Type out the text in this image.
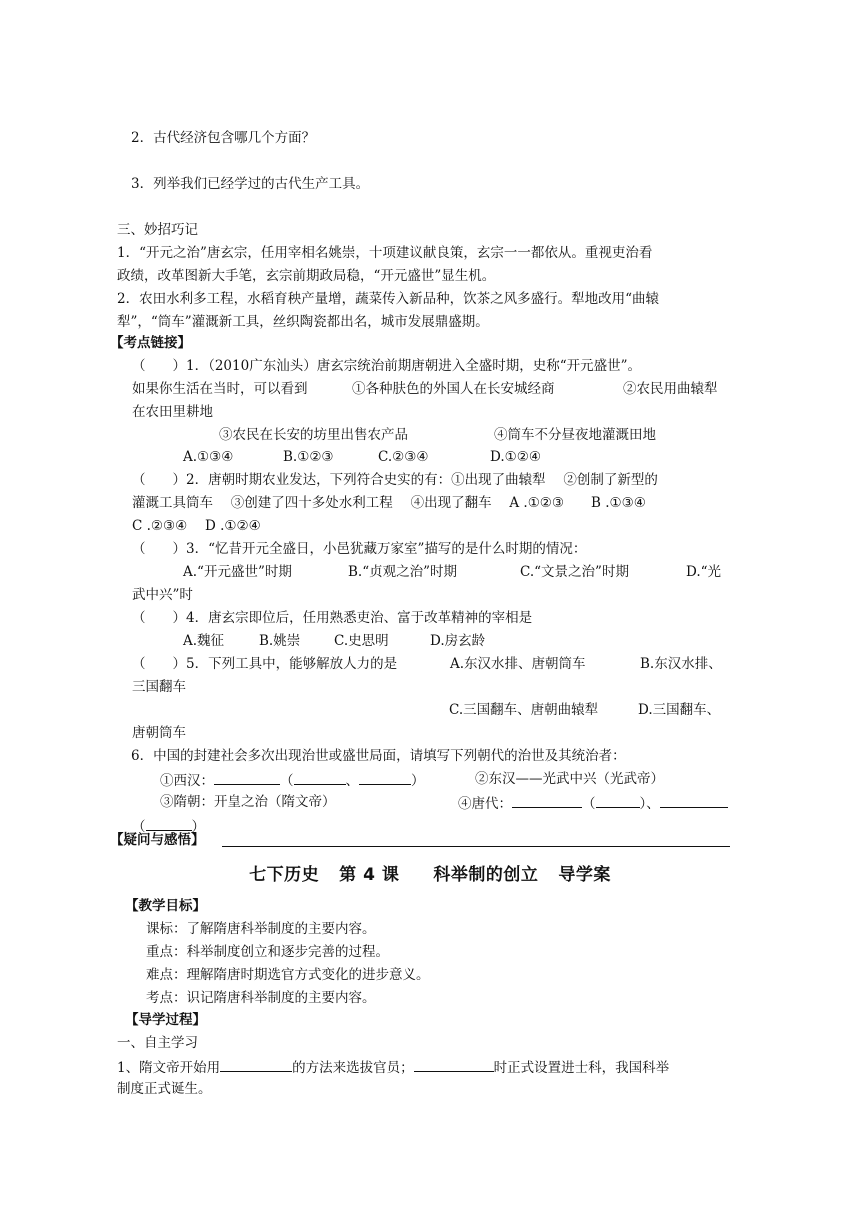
2．古代经济包含哪几个方面？
3．列举我们已经学过的古代生产工具。
三、妙招巧记
1．“开元之治”唐玄宗，任用宰相名姚崇，十项建议献良策，玄宗一一都依从。重视吏治看
政绩，改革图新大手笔，玄宗前期政局稳，“开元盛世”显生机。
2．农田水利多工程，水稻育秧产量增，蔬菜传入新品种，饮茶之风多盛行。犁地改用“曲辕
犁”，“筒车”灌溉新工具，丝织陶瓷都出名，城市发展鼎盛期。
【考点链接】
（　　）1．（2010广东汕头）唐玄宗统治前期唐朝进入全盛时期，史称“开元盛世”。
如果你生活在当时，可以看到	①各种肤色的外国人在长安城经商	②农民用曲辕犁
在农田里耕地
③农民在长安的坊里出售农产品	④筒车不分昼夜地灌溉田地
A.①③④	B.①②③	C.②③④	D.①②④
（　　）2．唐朝时期农业发达，下列符合史实的有：①出现了曲辕犁　 ②创制了新型的
灌溉工具筒车　 ③创建了四十多处水利工程　 ④出现了翻车　 A .①②③　　B .①③④
C .②③④　 D .①②④
（　　）3．“忆昔开元全盛日，小邑犹藏万家室”描写的是什么时期的情况：
A.“开元盛世”时期	B.“贞观之治”时期	C.“文景之治”时期	D.“光
武中兴”时
（　　）4．唐玄宗即位后，任用熟悉吏治、富于改革精神的宰相是
A.魏征	B.姚崇	C.史思明	D.房玄龄
（　　）5．下列工具中，能够解放人力的是	A.东汉水排、唐朝筒车	B.东汉水排、
三国翻车
C.三国翻车、唐朝曲辕犁	D.三国翻车、
唐朝筒车
6．中国的封建社会多次出现治世或盛世局面，请填写下列朝代的治世及其统治者：
①西汉：	（	、	）	②东汉——光武中兴（光武帝）
③隋朝：开皇之治（隋文帝）	④唐代：	（	）、
（	）
【疑问与感悟】
七下历史 第 4 课 科举制的创立 导学案
【教学目标】
课标：了解隋唐科举制度的主要内容。
重点：科举制度创立和逐步完善的过程。
难点：理解隋唐时期选官方式变化的进步意义。
考点：识记隋唐科举制度的主要内容。
【导学过程】
一、自主学习
1、隋文帝开始用	的方法来选拔官员；	时正式设置进士科，我国科举
制度正式诞生。
